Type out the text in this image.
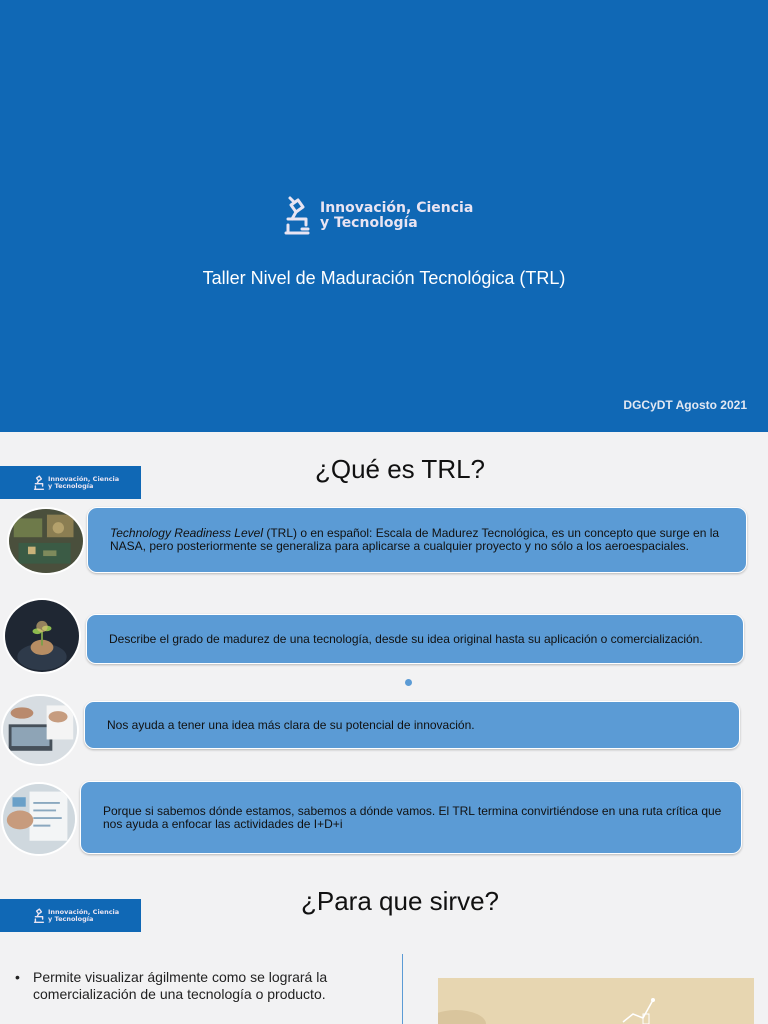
Innovación, Ciencia
y Tecnología
Taller Nivel de Maduración Tecnológica (TRL)
DGCyDT Agosto 2021
Innovación, Ciencia
y Tecnología
¿Qué es TRL?
Technology Readiness Level (TRL) o en español: Escala de Madurez Tecnológica, es un concepto que surge en la NASA, pero posteriormente se generaliza para aplicarse a cualquier proyecto y no sólo a los aeroespaciales.
Describe el grado de madurez de una tecnología, desde su idea original hasta su aplicación o comercialización.
Nos ayuda a tener una idea más clara de su potencial de innovación.
Porque si sabemos dónde estamos, sabemos a dónde vamos. El TRL termina convirtiéndose en una ruta crítica que nos ayuda a enfocar las actividades de I+D+i
Innovación, Ciencia
y Tecnología
¿Para que sirve?
• Permite visualizar ágilmente como se logrará la comercialización de una tecnología o producto.
